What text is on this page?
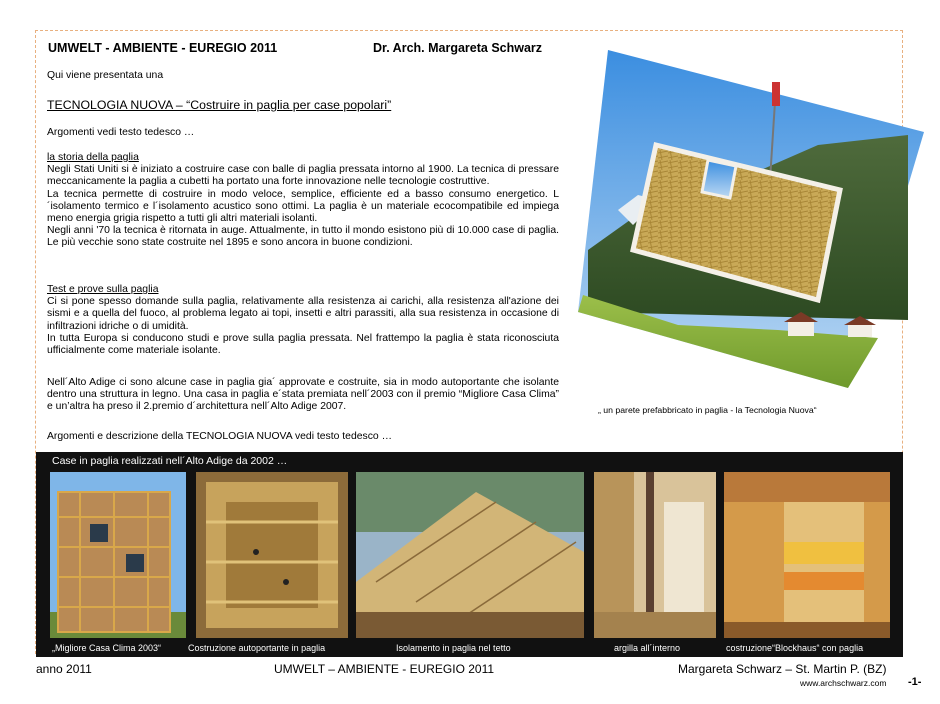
UMWELT - AMBIENTE - EUREGIO 2011	Dr. Arch. Margareta Schwarz
Qui viene presentata una
TECNOLOGIA NUOVA – “Costruire in paglia per case popolari”
Argomenti vedi testo tedesco …

la storia della paglia

Negli Stati Uniti si è iniziato a costruire case con balle di paglia pressata intorno al 1900. La tecnica di pressare meccanicamente la paglia a cubetti ha portato una forte innovazione nelle tecnologie costruttive.

La tecnica permette di costruire in modo veloce, semplice, efficiente ed a basso consumo energetico. L´isolamento termico e l´isolamento acustico sono ottimi. La paglia è un materiale ecocompatibile ed impiega meno energia grigia rispetto a tutti gli altri materiali isolanti.

Negli anni '70 la tecnica è ritornata in auge. Attualmente, in tutto il mondo esistono più di 10.000 case di paglia. Le più vecchie sono state costruite nel 1895 e sono ancora in buone condizioni.

Test e prove sulla paglia

Ci si pone spesso domande sulla paglia, relativamente alla resistenza ai carichi, alla resistenza all'azione dei sismi e a quella del fuoco, al problema legato ai topi, insetti e altri parassiti, alla sua resistenza in occasione di infiltrazioni idriche o di umidità.

In tutta Europa si conducono studi e prove sulla paglia pressata. Nel frattempo la paglia è stata riconosciuta ufficialmente come materiale isolante.

Nell´Alto Adige ci sono alcune case in paglia gia´ approvate e costruite, sia in modo autoportante che isolante dentro una struttura in legno. Una casa in paglia e´stata premiata nell´2003 con il premio “Migliore Casa Clima” e un’altra ha preso il 2.premio d´architettura nell´Alto Adige 2007.
Argomenti e descrizione della TECNOLOGIA NUOVA vedi testo tedesco …
„ un parete prefabbricato in paglia - la Tecnologia Nuova“
Case in paglia realizzati nell´Alto Adige da 2002 …
„Migliore Casa Clima 2003“	Costruzione autoportante in paglia	Isolamento in paglia nel tetto	argilla all´interno	costruzione“Blockhaus“ con paglia
anno 2011	UMWELT – AMBIENTE - EUREGIO 2011	Margareta Schwarz – St. Martin P. (BZ)
www.archschwarz.com -1-
